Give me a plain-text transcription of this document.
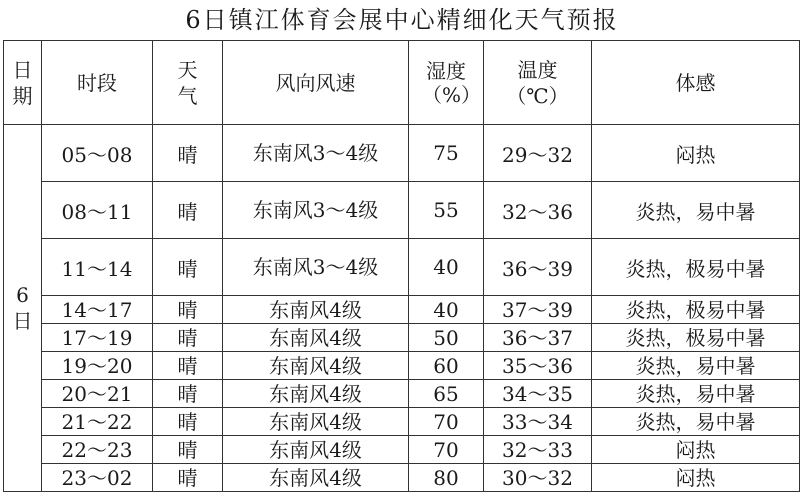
6日镇江体育会展中心精细化天气预报
日期	时段	天气	风向风速	湿度（%）	温度（℃）	体感
6日	05～08	晴	东南风3～4级	75	29～32	闷热
	08～11	晴	东南风3～4级	55	32～36	炎热，易中暑
	11～14	晴	东南风3～4级	40	36～39	炎热，极易中暑
	14～17	晴	东南风4级	40	37～39	炎热，极易中暑
	17～19	晴	东南风4级	50	36～37	炎热，极易中暑
	19～20	晴	东南风4级	60	35～36	炎热，易中暑
	20～21	晴	东南风4级	65	34～35	炎热，易中暑
	21～22	晴	东南风4级	70	33～34	炎热，易中暑
	22～23	晴	东南风4级	70	32～33	闷热
	23～02	晴	东南风4级	80	30～32	闷热
